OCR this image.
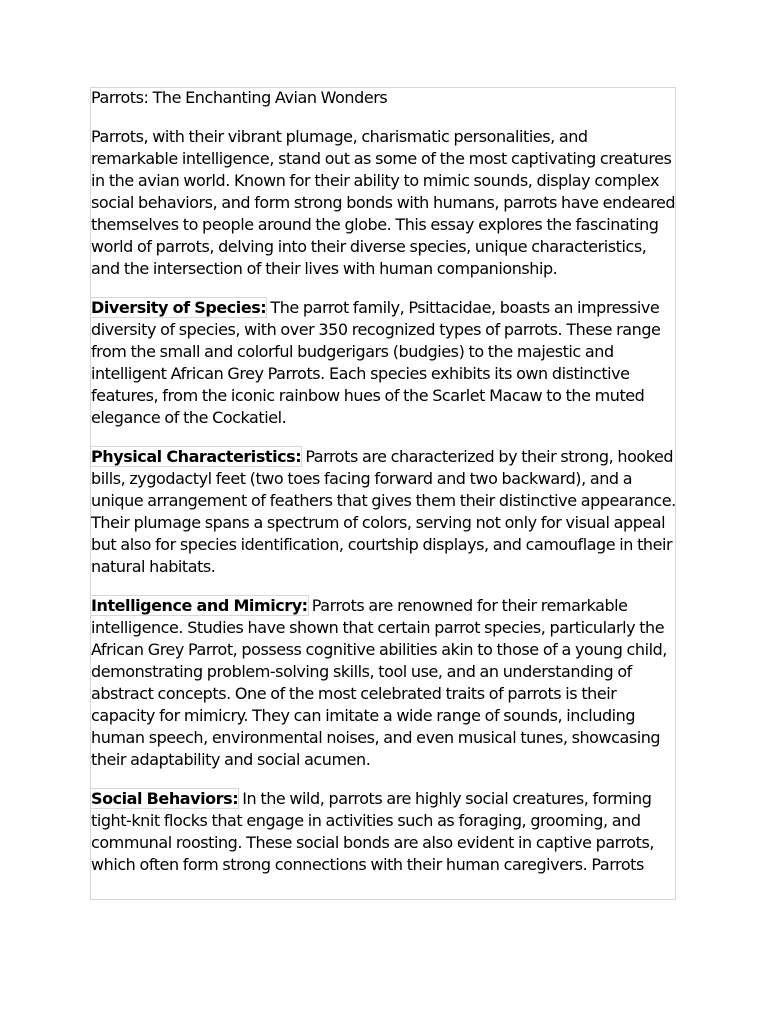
Parrots: The Enchanting Avian Wonders

Parrots, with their vibrant plumage, charismatic personalities, and remarkable intelligence, stand out as some of the most captivating creatures in the avian world. Known for their ability to mimic sounds, display complex social behaviors, and form strong bonds with humans, parrots have endeared themselves to people around the globe. This essay explores the fascinating world of parrots, delving into their diverse species, unique characteristics, and the intersection of their lives with human companionship.

Diversity of Species: The parrot family, Psittacidae, boasts an impressive diversity of species, with over 350 recognized types of parrots. These range from the small and colorful budgerigars (budgies) to the majestic and intelligent African Grey Parrots. Each species exhibits its own distinctive features, from the iconic rainbow hues of the Scarlet Macaw to the muted elegance of the Cockatiel.

Physical Characteristics: Parrots are characterized by their strong, hooked bills, zygodactyl feet (two toes facing forward and two backward), and a unique arrangement of feathers that gives them their distinctive appearance. Their plumage spans a spectrum of colors, serving not only for visual appeal but also for species identification, courtship displays, and camouflage in their natural habitats.

Intelligence and Mimicry: Parrots are renowned for their remarkable intelligence. Studies have shown that certain parrot species, particularly the African Grey Parrot, possess cognitive abilities akin to those of a young child, demonstrating problem-solving skills, tool use, and an understanding of abstract concepts. One of the most celebrated traits of parrots is their capacity for mimicry. They can imitate a wide range of sounds, including human speech, environmental noises, and even musical tunes, showcasing their adaptability and social acumen.

Social Behaviors: In the wild, parrots are highly social creatures, forming tight-knit flocks that engage in activities such as foraging, grooming, and communal roosting. These social bonds are also evident in captive parrots, which often form strong connections with their human caregivers. Parrots
